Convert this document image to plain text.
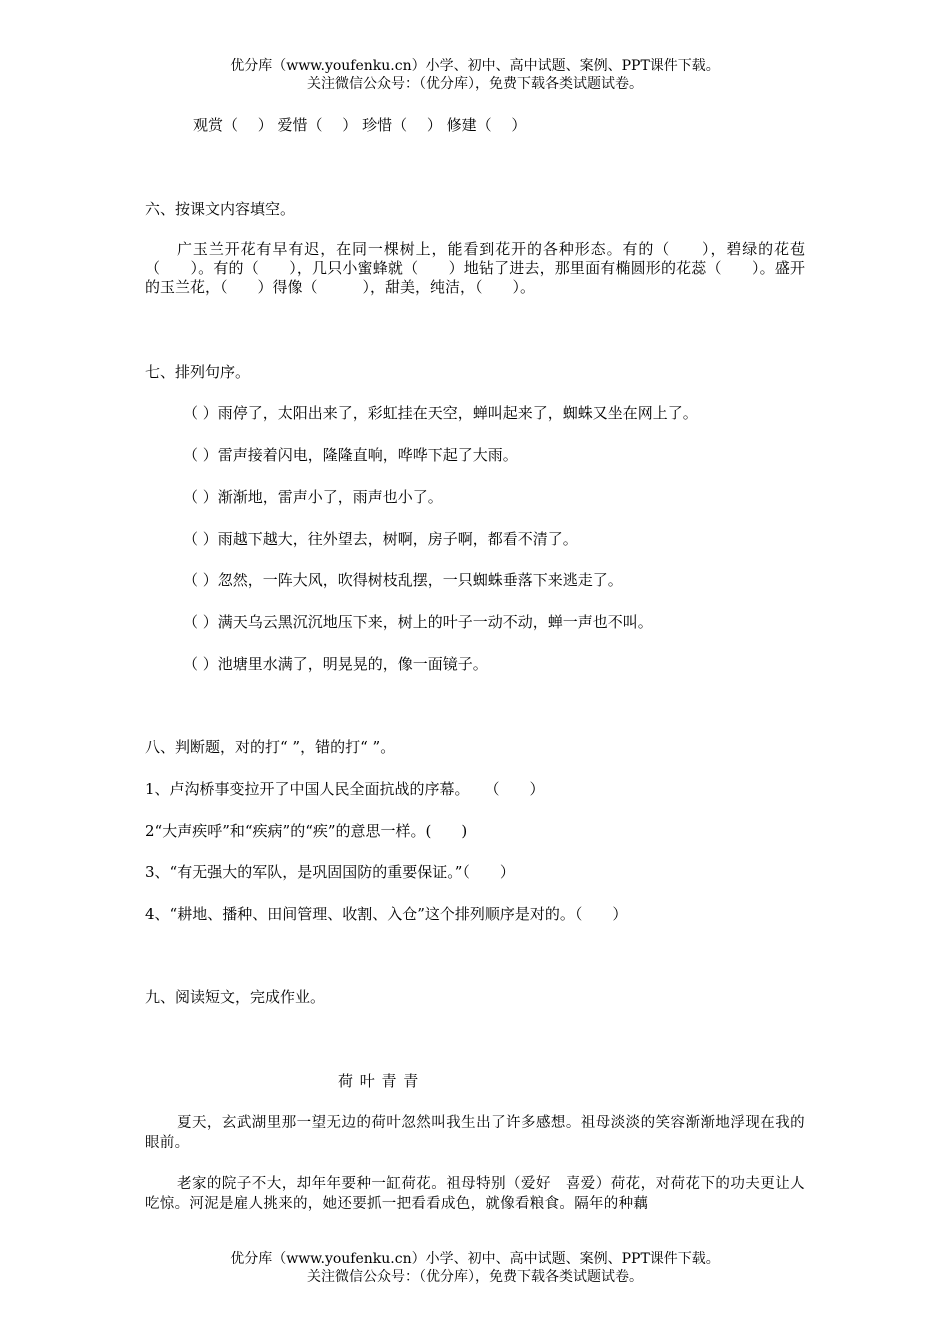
优分库（www.youfenku.cn）小学、初中、高中试题、案例、PPT课件下载。
关注微信公众号：（优分库），免费下载各类试题试卷。
观赏（　 ） 爱惜（　 ） 珍惜（　 ） 修建（　 ）
六、按课文内容填空。
广玉兰开花有早有迟，在同一棵树上，能看到花开的各种形态。有的（　　），碧绿的花苞（　　）。有的（　　），几只小蜜蜂就（　　）地钻了进去，那里面有椭圆形的花蕊（　　）。盛开的玉兰花，（　　）得像（　　　），甜美，纯洁，（　　）。
七、排列句序。
（ ）雨停了，太阳出来了，彩虹挂在天空，蝉叫起来了，蜘蛛又坐在网上了。
（ ）雷声接着闪电，隆隆直响，哗哗下起了大雨。
（ ）渐渐地，雷声小了，雨声也小了。
（ ）雨越下越大，往外望去，树啊，房子啊，都看不清了。
（ ）忽然，一阵大风，吹得树枝乱摆，一只蜘蛛垂落下来逃走了。
（ ）满天乌云黑沉沉地压下来，树上的叶子一动不动，蝉一声也不叫。
（ ）池塘里水满了，明晃晃的，像一面镜子。
八、判断题，对的打“ ”，错的打“ ”。
1、卢沟桥事变拉开了中国人民全面抗战的序幕。　　（　　）
2“大声疾呼”和“疾病”的“疾”的意思一样。(　　)
3、“有无强大的军队，是巩固国防的重要保证。”（　　）
4、“耕地、播种、田间管理、收割、入仓”这个排列顺序是对的。（　　）
九、阅读短文，完成作业。
荷 叶 青 青
夏天，玄武湖里那一望无边的荷叶忽然叫我生出了许多感想。祖母淡淡的笑容渐渐地浮现在我的眼前。
老家的院子不大，却年年要种一缸荷花。祖母特别（爱好　喜爱）荷花，对荷花下的功夫更让人吃惊。河泥是雇人挑来的，她还要抓一把看看成色，就像看粮食。隔年的种藕
优分库（www.youfenku.cn）小学、初中、高中试题、案例、PPT课件下载。
关注微信公众号：（优分库），免费下载各类试题试卷。
